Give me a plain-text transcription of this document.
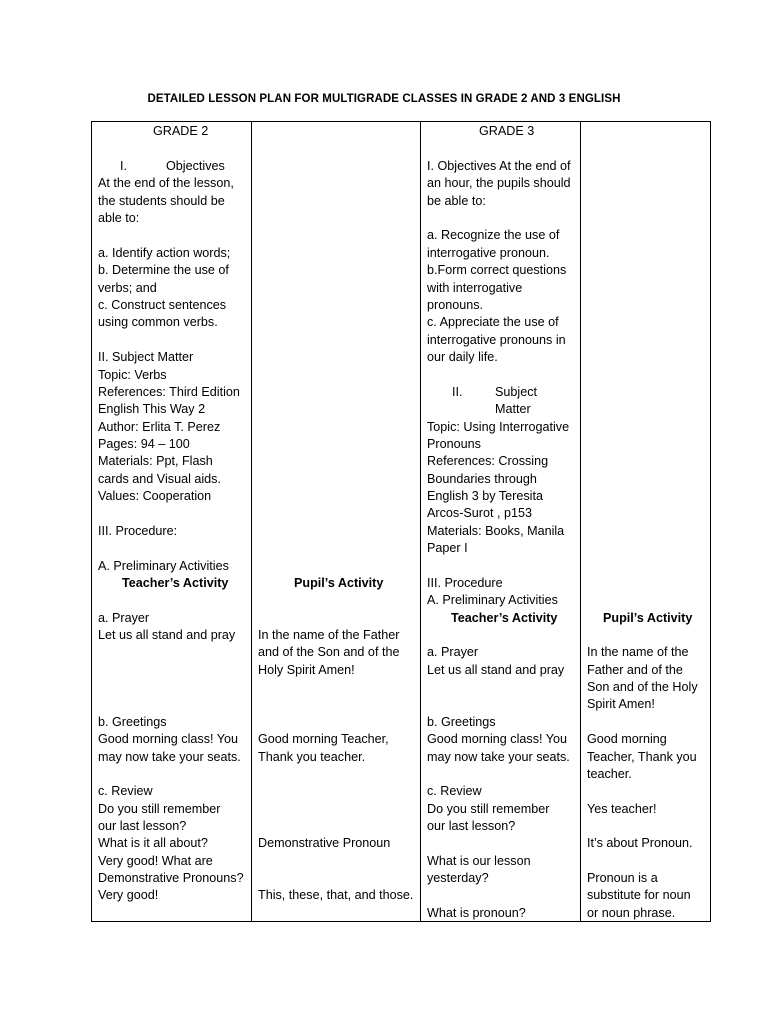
DETAILED LESSON PLAN FOR MULTIGRADE CLASSES IN GRADE 2 AND 3 ENGLISH
GRADE 2
I.	Objectives
At the end of the lesson,
the students should be
able to:
a. Identify action words;
b. Determine the use of
verbs; and
c. Construct sentences
using common verbs.
II. Subject Matter
Topic: Verbs
References: Third Edition
English This Way 2
Author: Erlita T. Perez
Pages: 94 – 100
Materials: Ppt, Flash
cards and Visual aids.
Values: Cooperation
III. Procedure:
A. Preliminary Activities
Teacher’s Activity
a. Prayer
Let us all stand and pray
b. Greetings
Good morning class! You
may now take your seats.
c. Review
Do you still remember
our last lesson?
What is it all about?
Very good! What are
Demonstrative Pronouns?
Very good!
Pupil’s Activity
In the name of the Father
and of the Son and of the
Holy Spirit Amen!
Good morning Teacher,
Thank you teacher.
Demonstrative Pronoun
This, these, that, and those.
GRADE 3
I. Objectives At the end of
an hour, the pupils should
be able to:
a. Recognize the use of
interrogative pronoun.
b.Form correct questions
with interrogative
pronouns.
c. Appreciate the use of
interrogative pronouns in
our daily life.
II.	Subject
Matter
Topic: Using Interrogative
Pronouns
References: Crossing
Boundaries through
English 3 by Teresita
Arcos-Surot , p153
Materials: Books, Manila
Paper I
III. Procedure
A. Preliminary Activities
Teacher’s Activity
a. Prayer
Let us all stand and pray
b. Greetings
Good morning class! You
may now take your seats.
c. Review
Do you still remember
our last lesson?
What is our lesson
yesterday?
What is pronoun?
Pupil’s Activity
In the name of the
Father and of the
Son and of the Holy
Spirit Amen!
Good morning
Teacher, Thank you
teacher.
Yes teacher!
It’s about Pronoun.
Pronoun is a
substitute for noun
or noun phrase.
